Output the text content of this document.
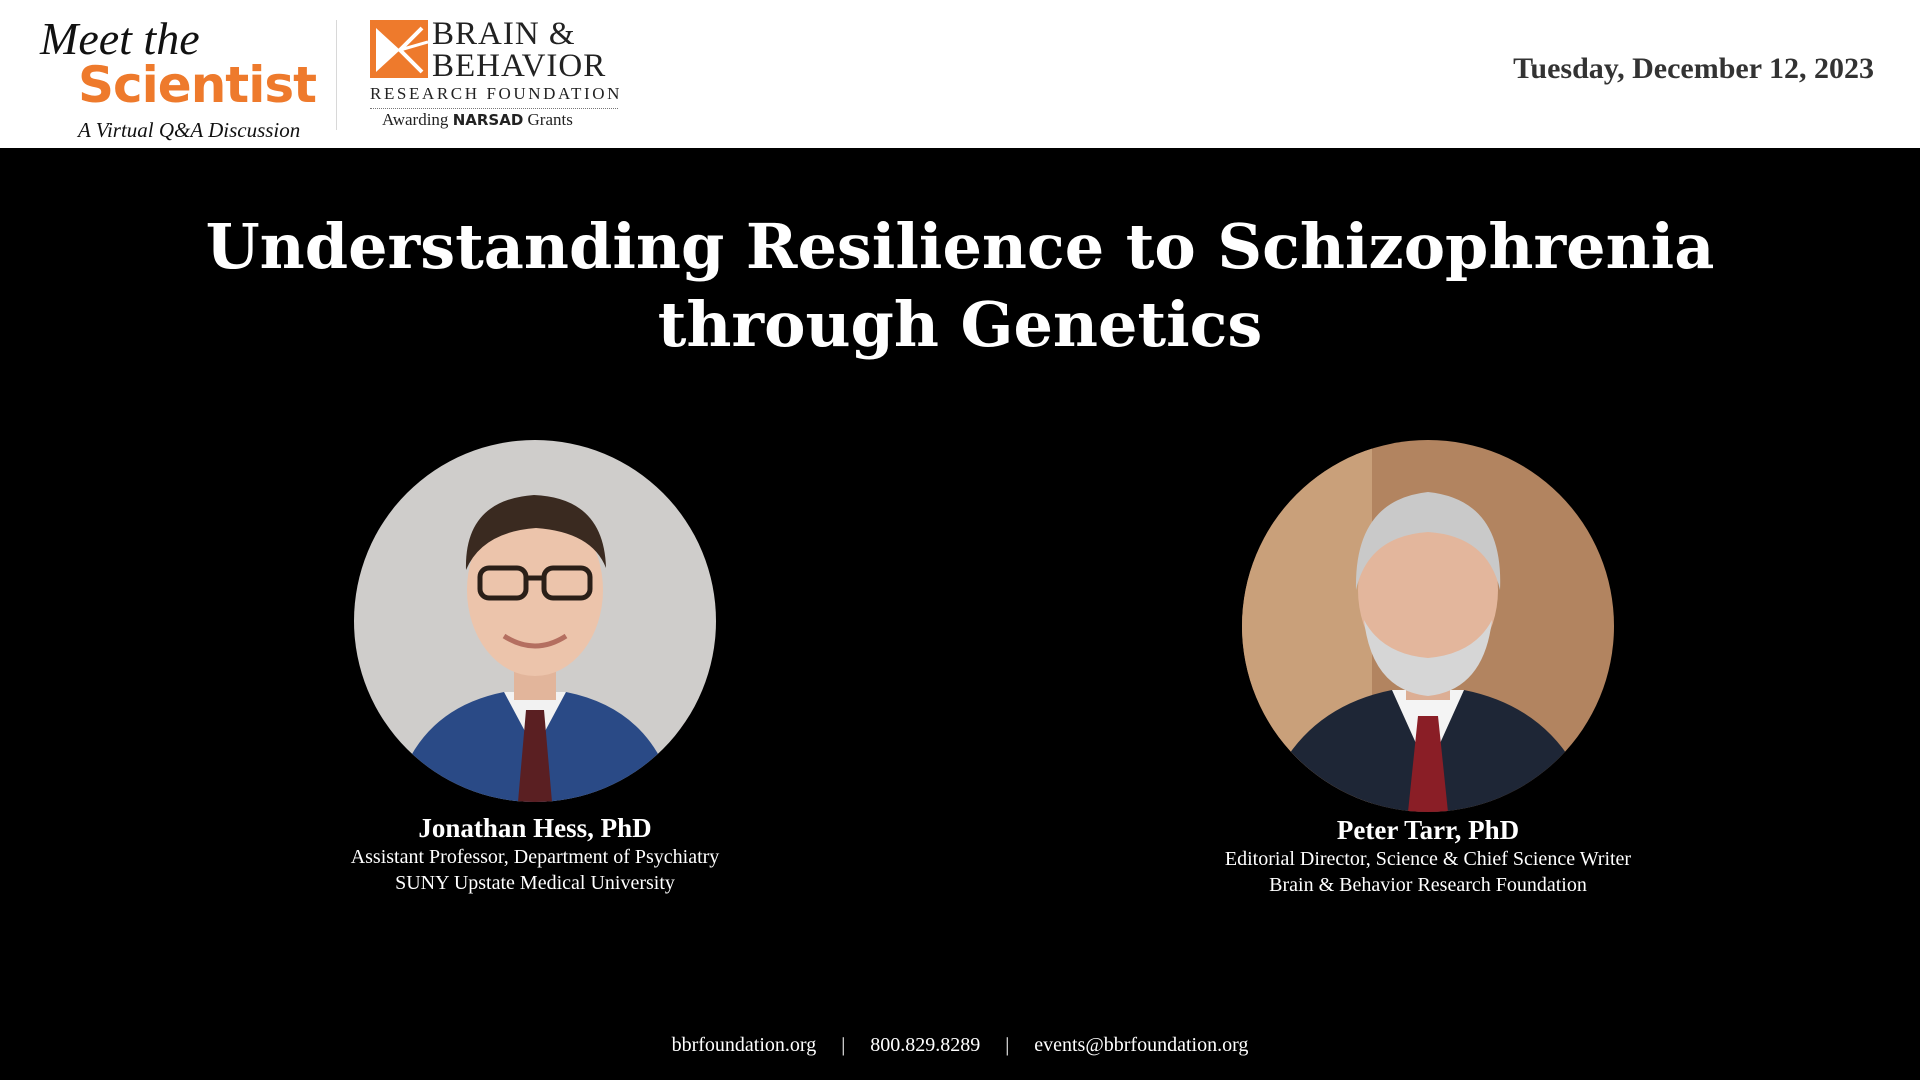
Meet the
Scientist
A Virtual Q&A Discussion
BRAIN &
BEHAVIOR
RESEARCH FOUNDATION
Awarding NARSAD Grants
Tuesday, December 12, 2023
Understanding Resilience to Schizophrenia through Genetics
Jonathan Hess, PhD
Assistant Professor, Department of Psychiatry
SUNY Upstate Medical University
Peter Tarr, PhD
Editorial Director, Science & Chief Science Writer
Brain & Behavior Research Foundation
bbrfoundation.org | 800.829.8289 | events@bbrfoundation.org
